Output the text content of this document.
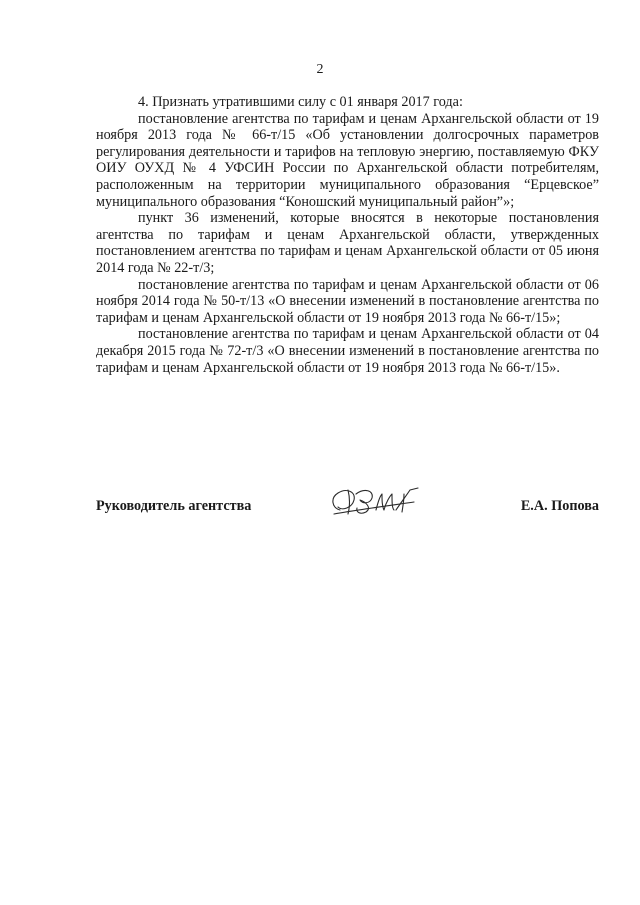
2

4. Признать утратившими силу с 01 января 2017 года:

постановление агентства по тарифам и ценам Архангельской области от 19 ноября 2013 года № 66-т/15 «Об установлении долгосрочных параметров регулирования деятельности и тарифов на тепловую энергию, поставляемую ФКУ ОИУ ОУХД № 4 УФСИН России по Архангельской области потребителям, расположенным на территории муниципального образования “Ерцевское” муниципального образования “Коношский муниципальный район”»;

пункт 36 изменений, которые вносятся в некоторые постановления агентства по тарифам и ценам Архангельской области, утвержденных постановлением агентства по тарифам и ценам Архангельской области от 05 июня 2014 года № 22-т/3;

постановление агентства по тарифам и ценам Архангельской области от 06 ноября 2014 года № 50-т/13 «О внесении изменений в постановление агентства по тарифам и ценам Архангельской области от 19 ноября 2013 года № 66-т/15»;

постановление агентства по тарифам и ценам Архангельской области от 04 декабря 2015 года № 72-т/3 «О внесении изменений в постановление агентства по тарифам и ценам Архангельской области от 19 ноября 2013 года № 66-т/15».

Руководитель агентства	Е.А. Попова
